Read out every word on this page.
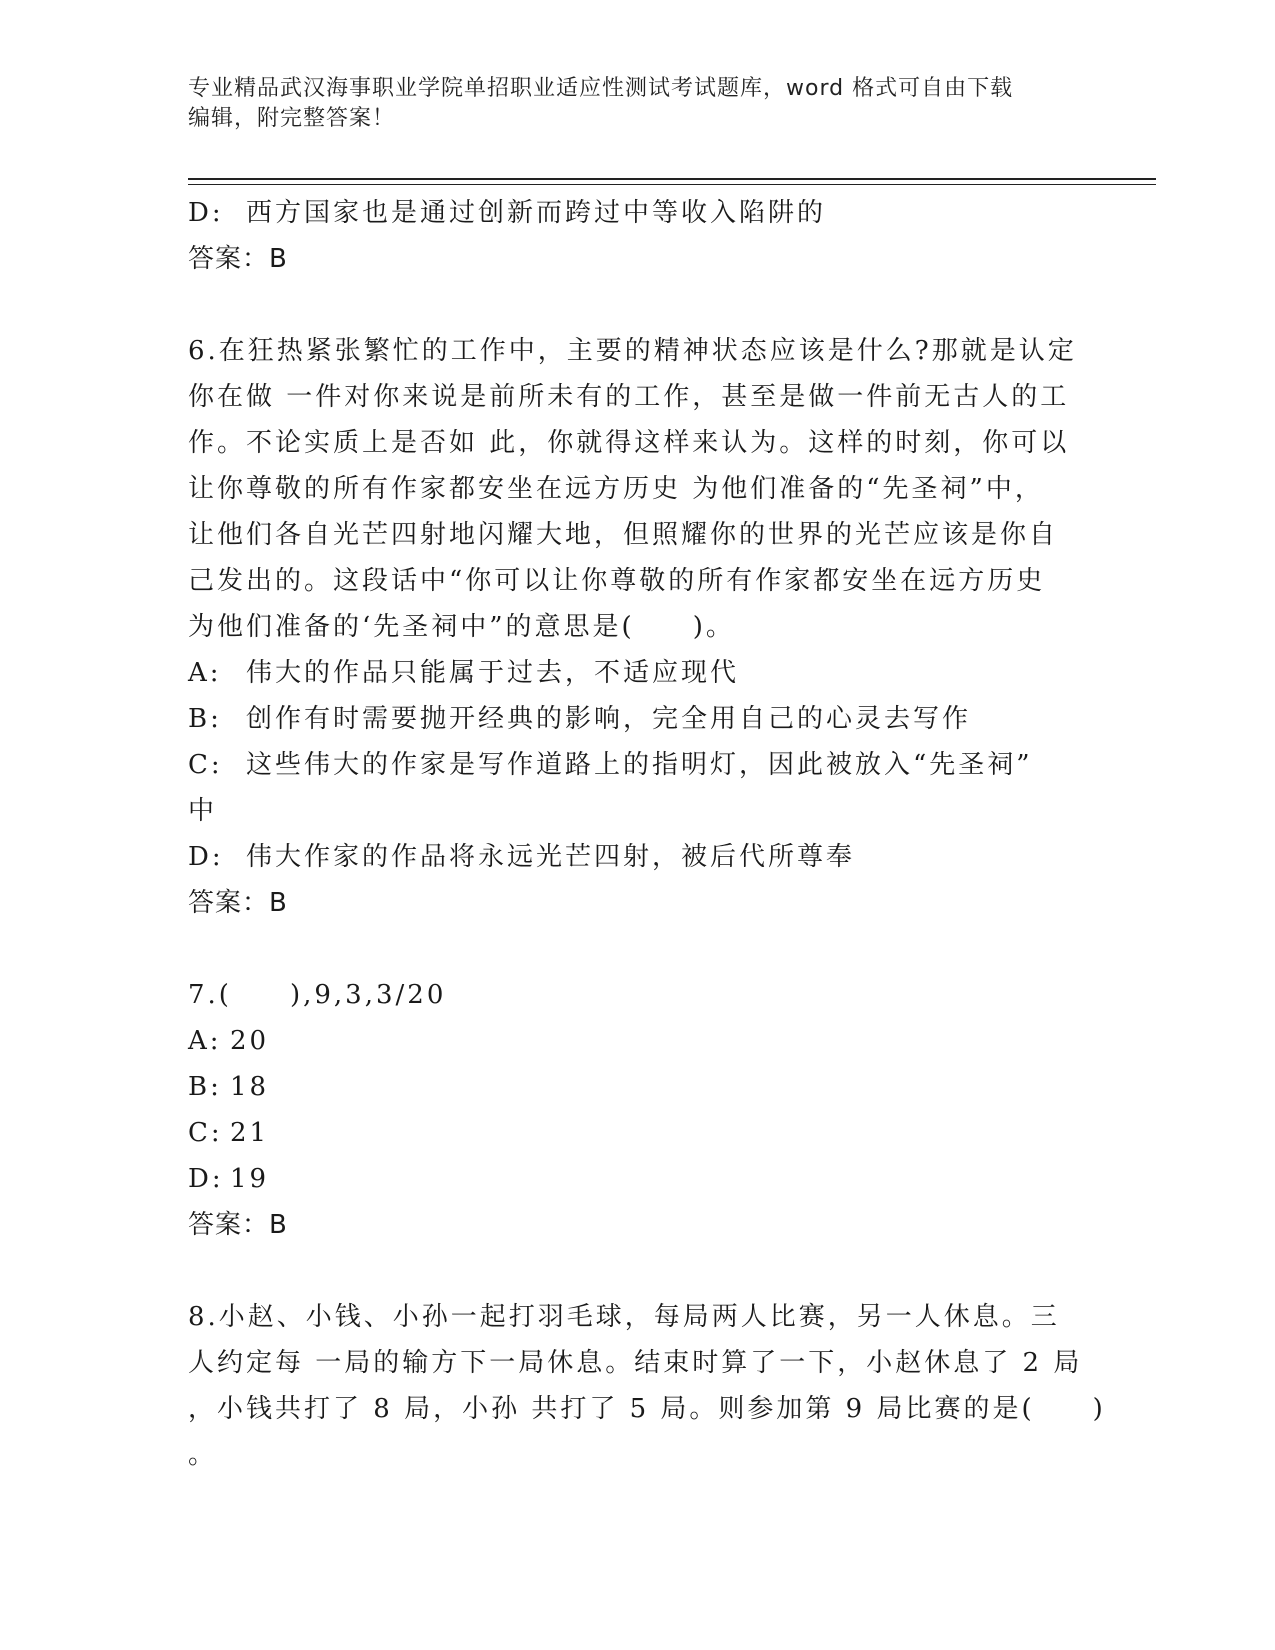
专业精品武汉海事职业学院单招职业适应性测试考试题库，word 格式可自由下载
编辑，附完整答案！
D: 西方国家也是通过创新而跨过中等收入陷阱的
答案：B
6.在狂热紧张繁忙的工作中，主要的精神状态应该是什么?那就是认定
你在做 一件对你来说是前所未有的工作，甚至是做一件前无古人的工
作。不论实质上是否如 此，你就得这样来认为。这样的时刻，你可以
让你尊敬的所有作家都安坐在远方历史 为他们准备的“先圣祠”中，
让他们各自光芒四射地闪耀大地，但照耀你的世界的光芒应该是你自
己发出的。这段话中“你可以让你尊敬的所有作家都安坐在远方历史
为他们准备的‘先圣祠中”的意思是(　　)。
A: 伟大的作品只能属于过去，不适应现代
B: 创作有时需要抛开经典的影响，完全用自己的心灵去写作
C: 这些伟大的作家是写作道路上的指明灯，因此被放入“先圣祠”
中
D: 伟大作家的作品将永远光芒四射，被后代所尊奉
答案：B
7.(　　),9,3,3/20
A: 20
B: 18
C: 21
D: 19
答案：B
8.小赵、小钱、小孙一起打羽毛球，每局两人比赛，另一人休息。三
人约定每 一局的输方下一局休息。结束时算了一下，小赵休息了 2 局
，小钱共打了 8 局，小孙 共打了 5 局。则参加第 9 局比赛的是(　　)
。
